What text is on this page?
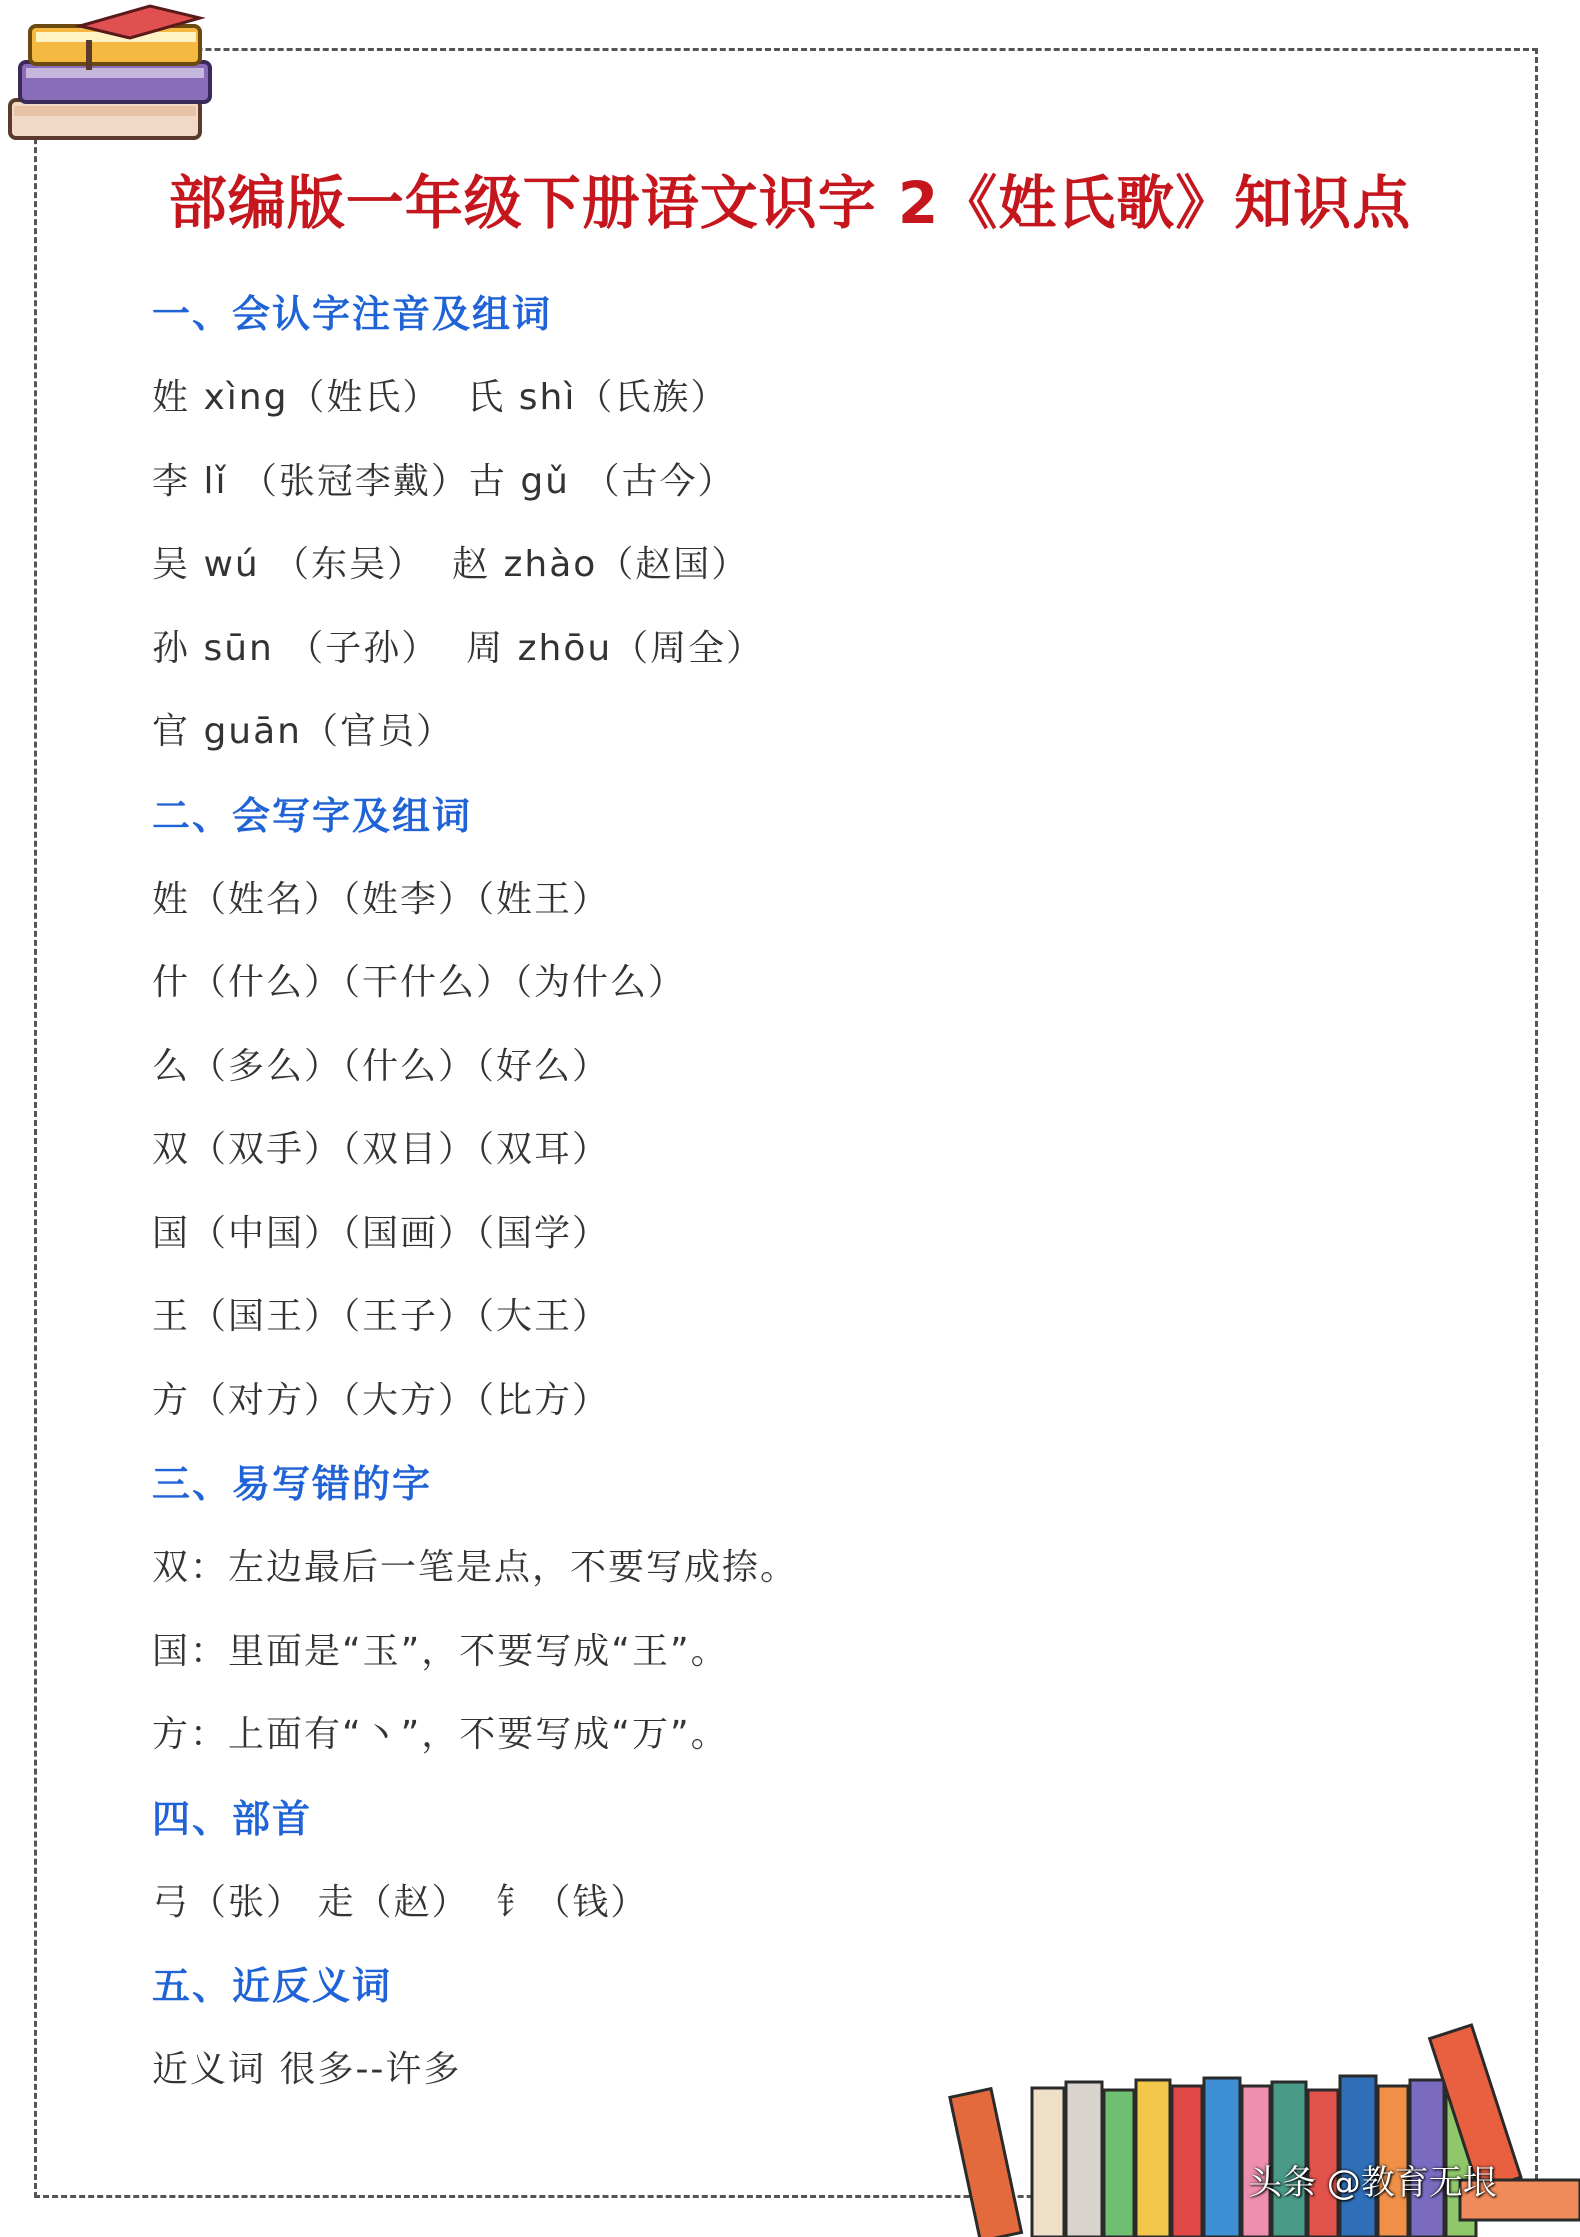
部编版一年级下册语文识字 2《姓氏歌》知识点
一、会认字注音及组词
姓 xìng（姓氏）  氏 shì（氏族）
李 lǐ （张冠李戴）古 gǔ （古今）
吴 wú （东吴）  赵 zhào（赵国）
孙 sūn （子孙）  周 zhōu（周全）
官 guān（官员）
二、会写字及组词
姓（姓名）（姓李）（姓王）
什（什么）（干什么）（为什么）
么（多么）（什么）（好么）
双（双手）（双目）（双耳）
国（中国）（国画）（国学）
王（国王）（王子）（大王）
方（对方）（大方）（比方）
三、易写错的字
双：左边最后一笔是点，不要写成捺。
国：里面是“玉”，不要写成“王”。
方：上面有“丶”，不要写成“万”。
四、部首
弓（张） 走（赵）  钅（钱）
五、近反义词
近义词 很多--许多
头条 @教育无垠
